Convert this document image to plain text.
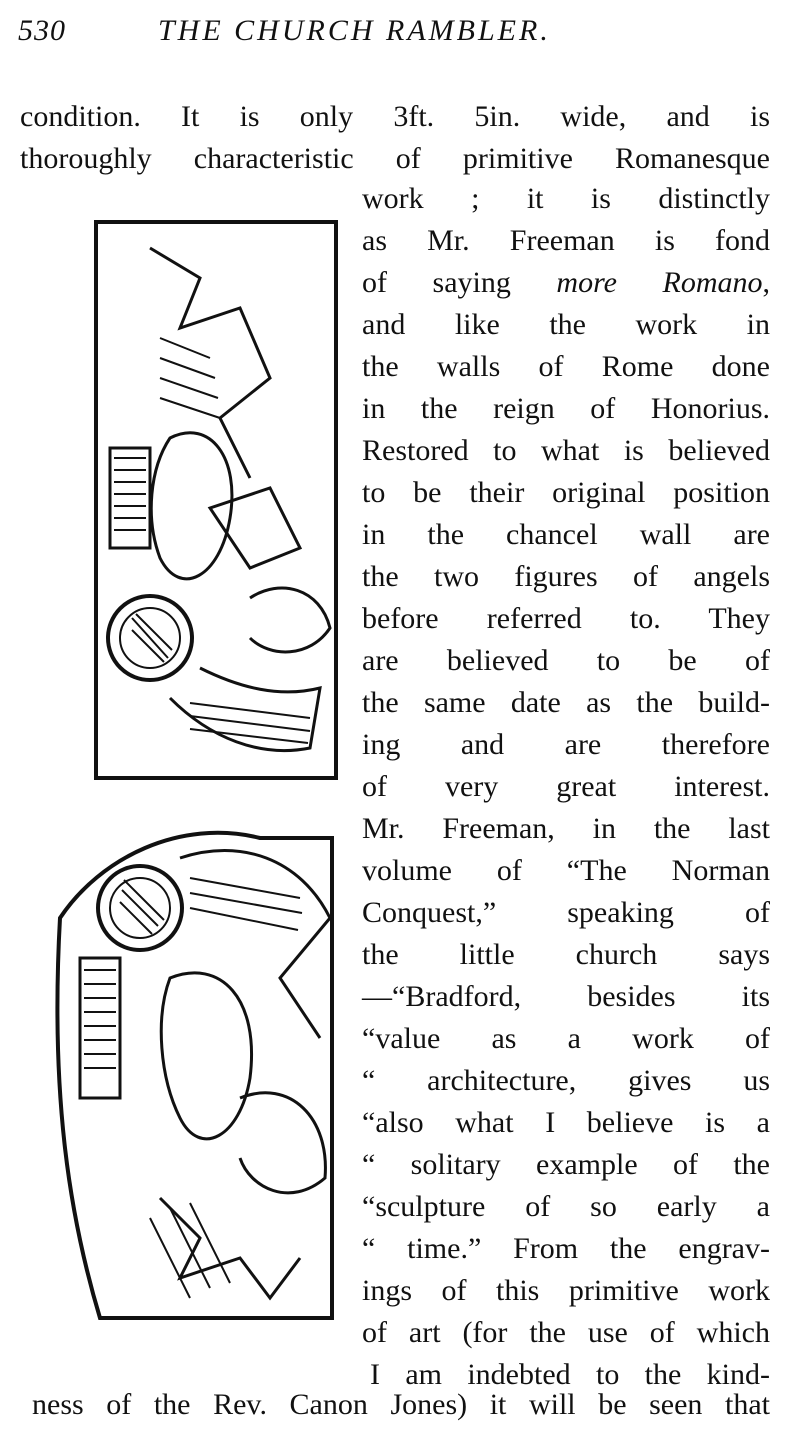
530	THE CHURCH RAMBLER.
condition. It is only 3ft. 5in. wide, and is
thoroughly characteristic of primitive Romanesque
work ; it is distinctly
as Mr. Freeman is fond
of saying more Romano,
and like the work in
the walls of Rome done
in the reign of Honorius.
Restored to what is believed
to be their original position
in the chancel wall are
the two figures of angels
before referred to. They
are believed to be of
the same date as the build-
ing and are therefore
of very great interest.
Mr. Freeman, in the last
volume of “The Norman
Conquest,” speaking of
the little church says
—“Bradford, besides its
“value as a work of
“ architecture, gives us
“also what I believe is a
“ solitary example of the
“sculpture of so early a
“ time.” From the engrav-
ings of this primitive work
of art (for the use of which
I am indebted to the kind-
ness of the Rev. Canon Jones) it will be seen that
